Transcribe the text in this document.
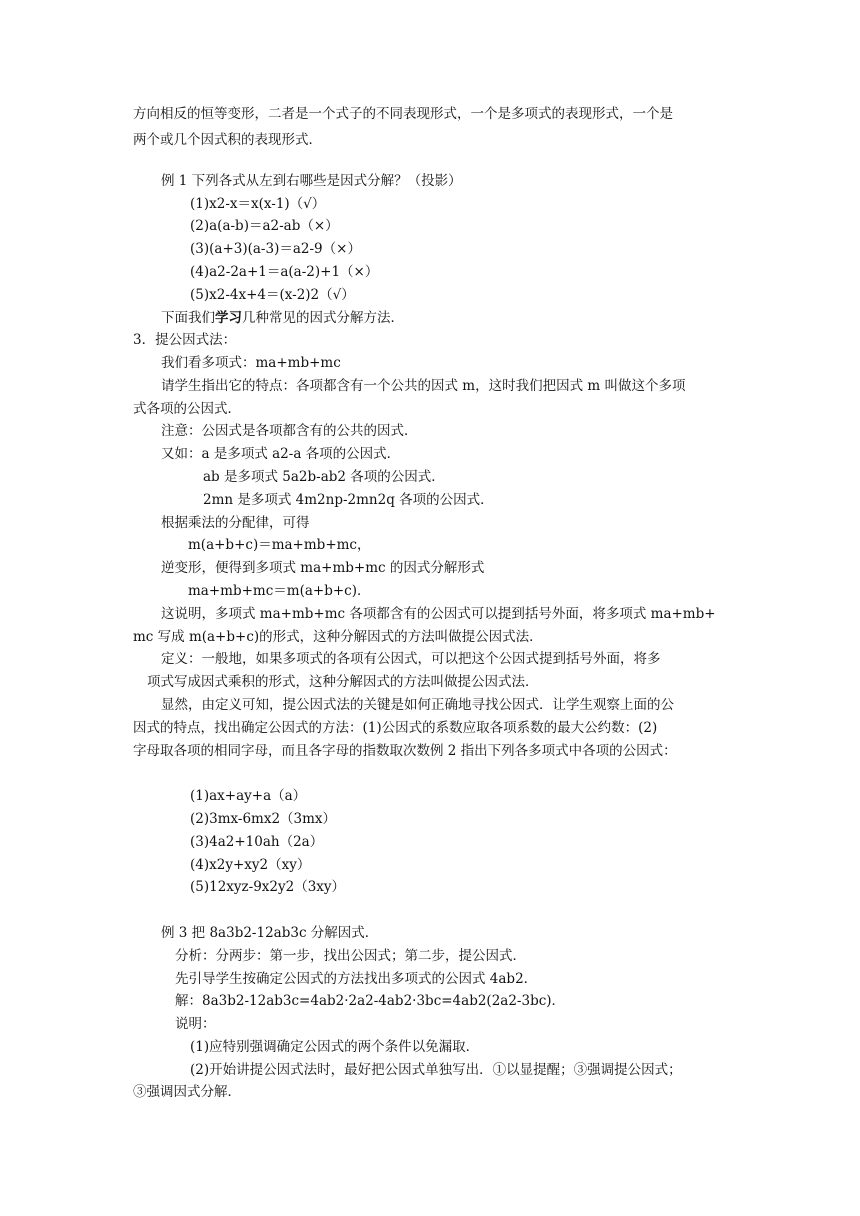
方向相反的恒等变形，二者是一个式子的不同表现形式，一个是多项式的表现形式，一个是
两个或几个因式积的表现形式．
例 1 下列各式从左到右哪些是因式分解？（投影）
(1)x2-x＝x(x-1)（√）
(2)a(a-b)＝a2-ab（×）
(3)(a+3)(a-3)＝a2-9（×）
(4)a2-2a+1＝a(a-2)+1（×）
(5)x2-4x+4＝(x-2)2（√）
下面我们学习几种常见的因式分解方法．
3．提公因式法：
我们看多项式：ma+mb+mc
请学生指出它的特点：各项都含有一个公共的因式 m，这时我们把因式 m 叫做这个多项
式各项的公因式．
注意：公因式是各项都含有的公共的因式．
又如：a 是多项式 a2-a 各项的公因式．
ab 是多项式 5a2b-ab2 各项的公因式．
2mn 是多项式 4m2np-2mn2q 各项的公因式．
根据乘法的分配律，可得
m(a+b+c)＝ma+mb+mc，
逆变形，便得到多项式 ma+mb+mc 的因式分解形式
ma+mb+mc＝m(a+b+c)．
这说明，多项式 ma+mb+mc 各项都含有的公因式可以提到括号外面，将多项式 ma+mb+
mc 写成 m(a+b+c)的形式，这种分解因式的方法叫做提公因式法．
定义：一般地，如果多项式的各项有公因式，可以把这个公因式提到括号外面，将多
项式写成因式乘积的形式，这种分解因式的方法叫做提公因式法．
显然，由定义可知，提公因式法的关键是如何正确地寻找公因式．让学生观察上面的公
因式的特点，找出确定公因式的方法：(1)公因式的系数应取各项系数的最大公约数：(2)
字母取各项的相同字母，而且各字母的指数取次数例 2 指出下列各多项式中各项的公因式：
(1)ax+ay+a（a）
(2)3mx-6mx2（3mx）
(3)4a2+10ah（2a）
(4)x2y+xy2（xy）
(5)12xyz-9x2y2（3xy）
例 3 把 8a3b2-12ab3c 分解因式．
分析：分两步：第一步，找出公因式；第二步，提公因式．
先引导学生按确定公因式的方法找出多项式的公因式 4ab2．
解：8a3b2-12ab3c=4ab2·2a2-4ab2·3bc=4ab2(2a2-3bc)．
说明：
(1)应特别强调确定公因式的两个条件以免漏取．
(2)开始讲提公因式法时，最好把公因式单独写出．①以显提醒；③强调提公因式；
③强调因式分解．
